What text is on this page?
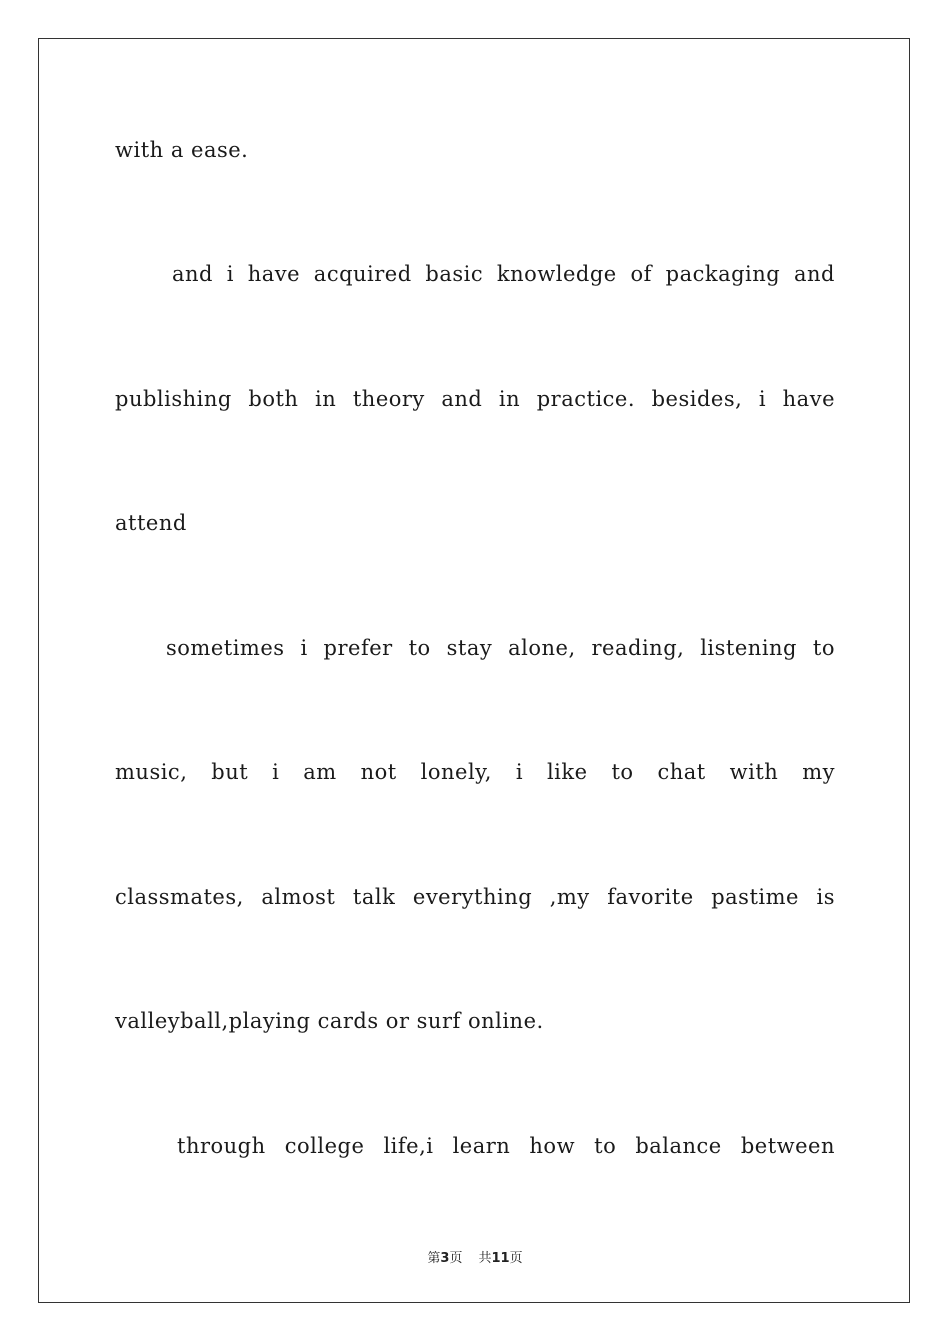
with a ease.
and i have acquired basic knowledge of packaging and
publishing both in theory and in practice. besides, i have
attend
sometimes i prefer to stay alone, reading, listening to
music, but i am not lonely, i like to chat with my
classmates, almost talk everything ,my favorite pastime is
valleyball,playing cards or surf online.
through college life,i learn how to balance between
第3页 共11页
